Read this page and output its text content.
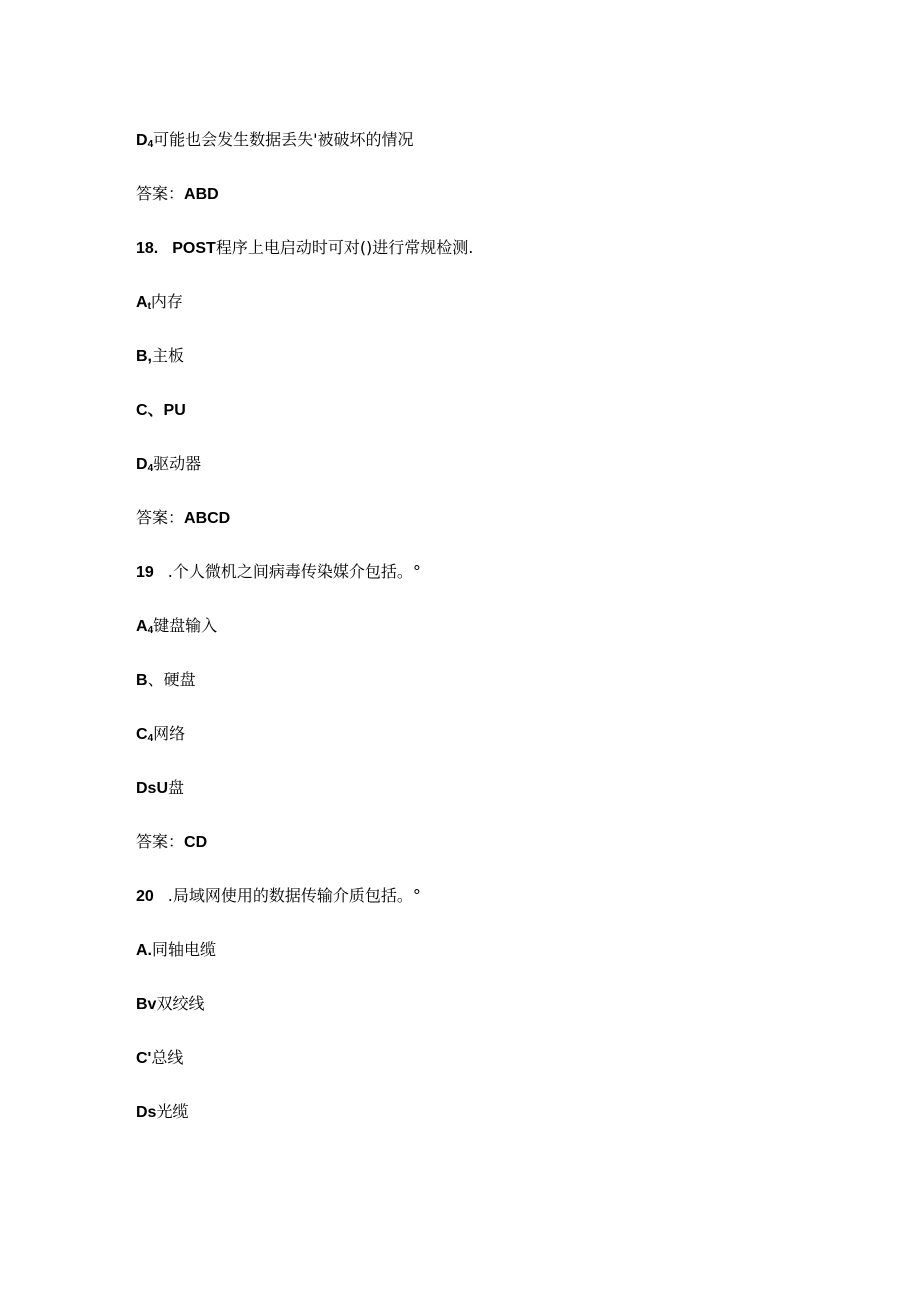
$D_4$可能也会发生数据丢失'被破坏的情况
答案：ABD
18. POST程序上电启动时可对()进行常规检测.
$A_t$内存
B,主板
C、PU
$D_4$驱动器
答案：ABCD
19 .个人微机之间病毒传染媒介包括。°
$A_4$键盘输入
B、硬盘
$C_4$网络
DsU盘
答案：CD
20 .局域网使用的数据传输介质包括。°
A.同轴电缆
Bv双绞线
C'总线
Ds光缆
